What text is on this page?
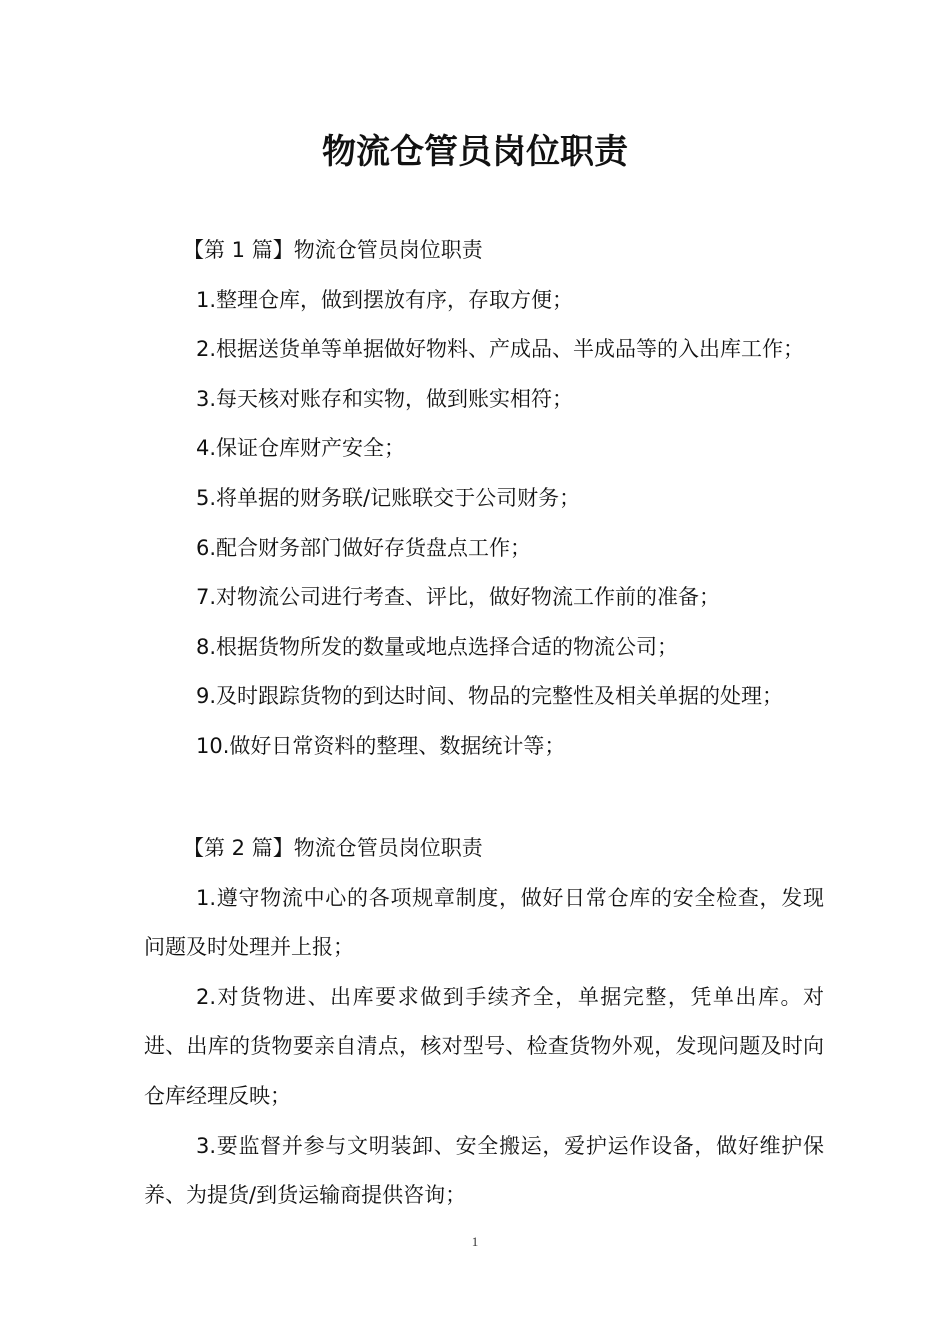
物流仓管员岗位职责

【第 1 篇】物流仓管员岗位职责

1.整理仓库，做到摆放有序，存取方便；

2.根据送货单等单据做好物料、产成品、半成品等的入出库工作；

3.每天核对账存和实物，做到账实相符；

4.保证仓库财产安全；

5.将单据的财务联/记账联交于公司财务；

6.配合财务部门做好存货盘点工作；

7.对物流公司进行考查、评比，做好物流工作前的准备；

8.根据货物所发的数量或地点选择合适的物流公司；

9.及时跟踪货物的到达时间、物品的完整性及相关单据的处理；

10.做好日常资料的整理、数据统计等；

【第 2 篇】物流仓管员岗位职责

1.遵守物流中心的各项规章制度，做好日常仓库的安全检查，发现问题及时处理并上报；

2.对货物进、出库要求做到手续齐全，单据完整，凭单出库。对进、出库的货物要亲自清点，核对型号、检查货物外观，发现问题及时向仓库经理反映；

3.要监督并参与文明装卸、安全搬运，爱护运作设备，做好维护保养、为提货/到货运输商提供咨询；

1
